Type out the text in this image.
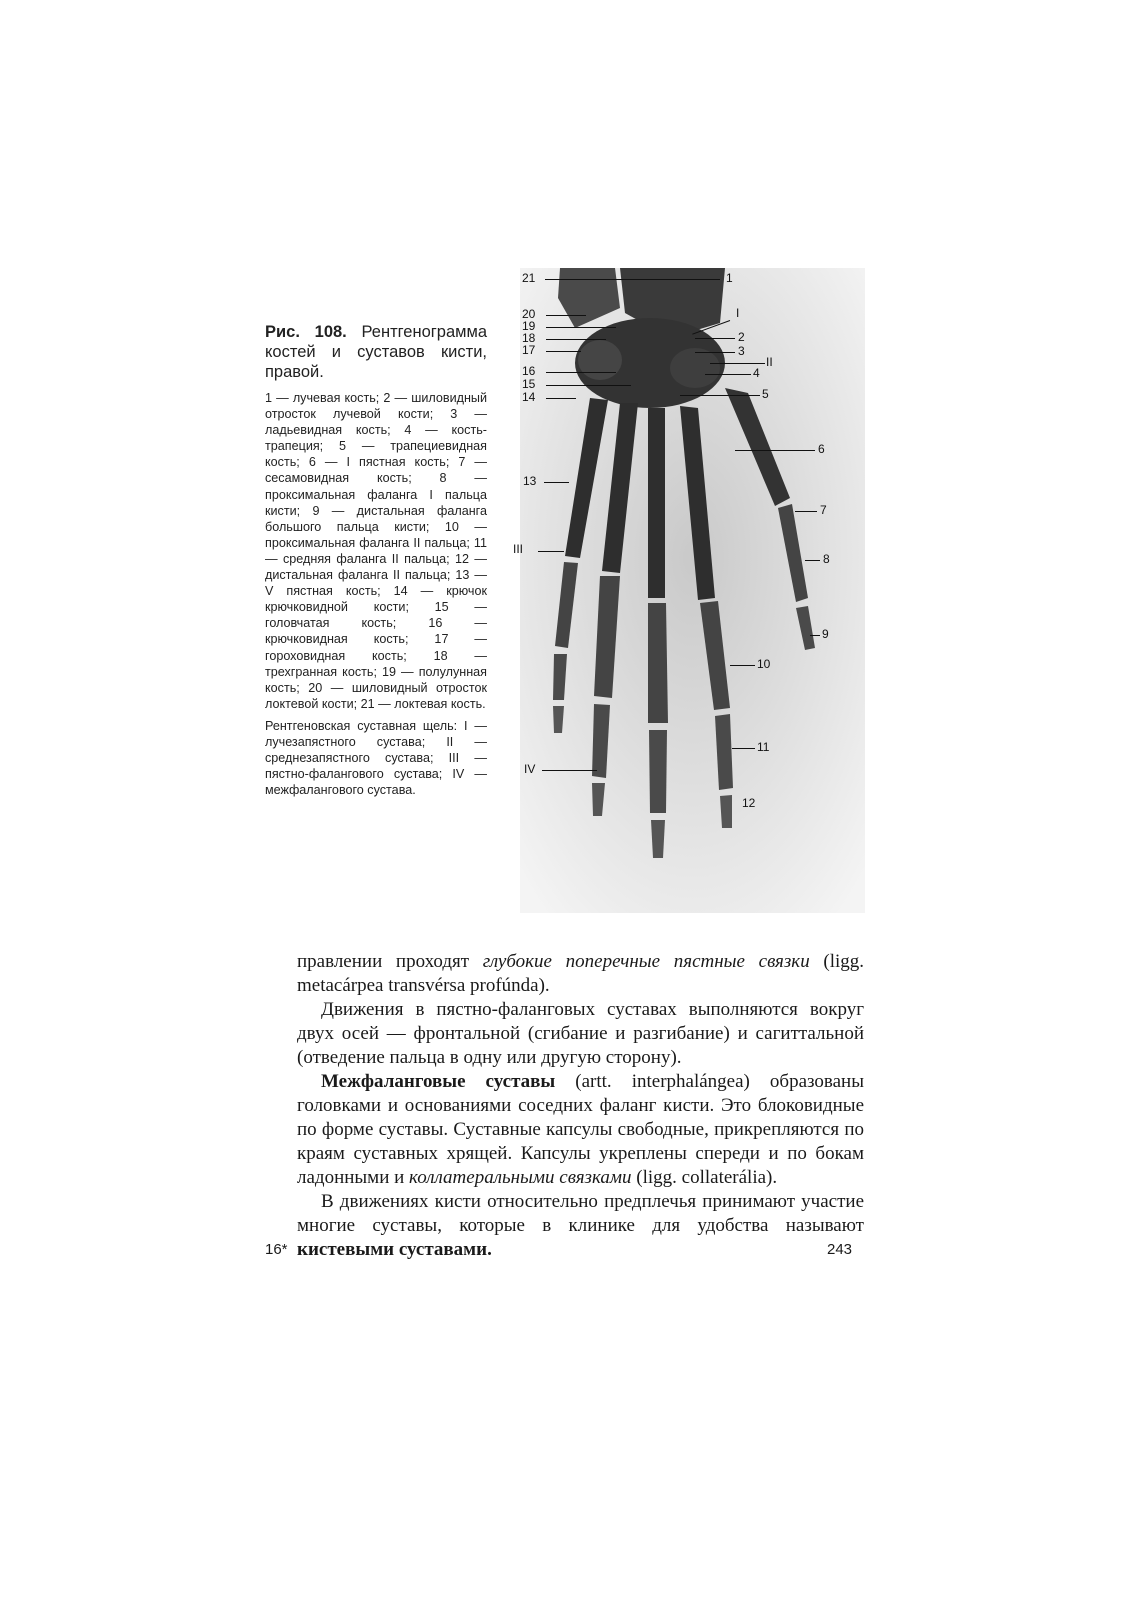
Рис. 108. Рентгенограмма костей и суставов кисти, правой.
1 — лучевая кость; 2 — шиловидный отросток лучевой кости; 3 — ладьевидная кость; 4 — кость-трапеция; 5 — трапециевидная кость; 6 — I пястная кость; 7 — сесамовидная кость; 8 — проксимальная фаланга I пальца кисти; 9 — дистальная фаланга большого пальца кисти; 10 — проксимальная фаланга II пальца; 11 — средняя фаланга II пальца; 12 — дистальная фаланга II пальца; 13 — V пястная кость; 14 — крючок крючковидной кости; 15 — головчатая кость; 16 — крючковидная кость; 17 — гороховидная кость; 18 — трехгранная кость; 19 — полулунная кость; 20 — шиловидный отросток локтевой кости; 21 — локтевая кость.
Рентгеновская суставная щель: I — лучезапястного сустава; II — среднезапястного сустава; III — пястно-фалангового сустава; IV — межфалангового сустава.
21	1
20	I
19
18	2
17	3
II
16	4
15
14	5
6
13
7
III
8
9
10
11
IV
12

правлении проходят глубокие поперечные пястные связки (ligg. metacárpea transvérsa profúnda).

Движения в пястно-фаланговых суставах выполняются вокруг двух осей — фронтальной (сгибание и разгибание) и сагиттальной (отведение пальца в одну или другую сторону).

Межфаланговые суставы (artt. interphalángea) образованы головками и основаниями соседних фаланг кисти. Это блоковидные по форме суставы. Суставные капсулы свободные, прикрепляются по краям суставных хрящей. Капсулы укреплены спереди и по бокам ладонными и коллатеральными связками (ligg. collaterália).

В движениях кисти относительно предплечья принимают участие многие суставы, которые в клинике для удобства называют кистевыми суставами.

16*	243
